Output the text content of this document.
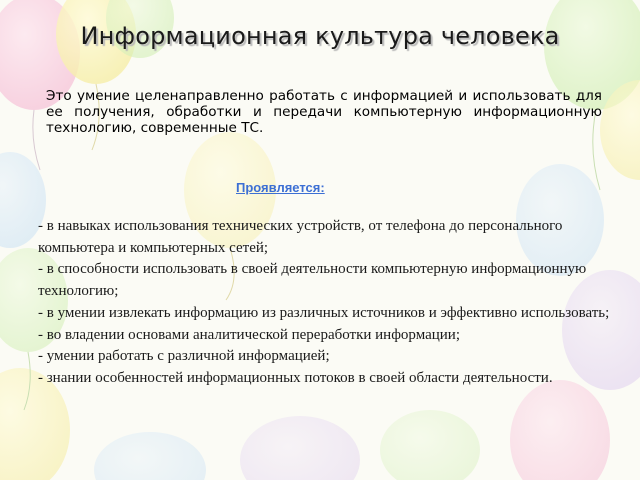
Информационная культура человека
Это умение целенаправленно работать с информацией и использовать для ее получения, обработки и передачи компьютерную информационную технологию, современные ТС.
Проявляется:
- в навыках использования технических устройств, от телефона до персонального компьютера и компьютерных сетей;
- в способности использовать в своей деятельности компьютерную информационную технологию;
- в умении извлекать информацию из различных источников и эффективно использовать;
- во владении основами аналитической переработки информации;
- умении работать с различной информацией;
- знании особенностей информационных потоков в своей области деятельности.
